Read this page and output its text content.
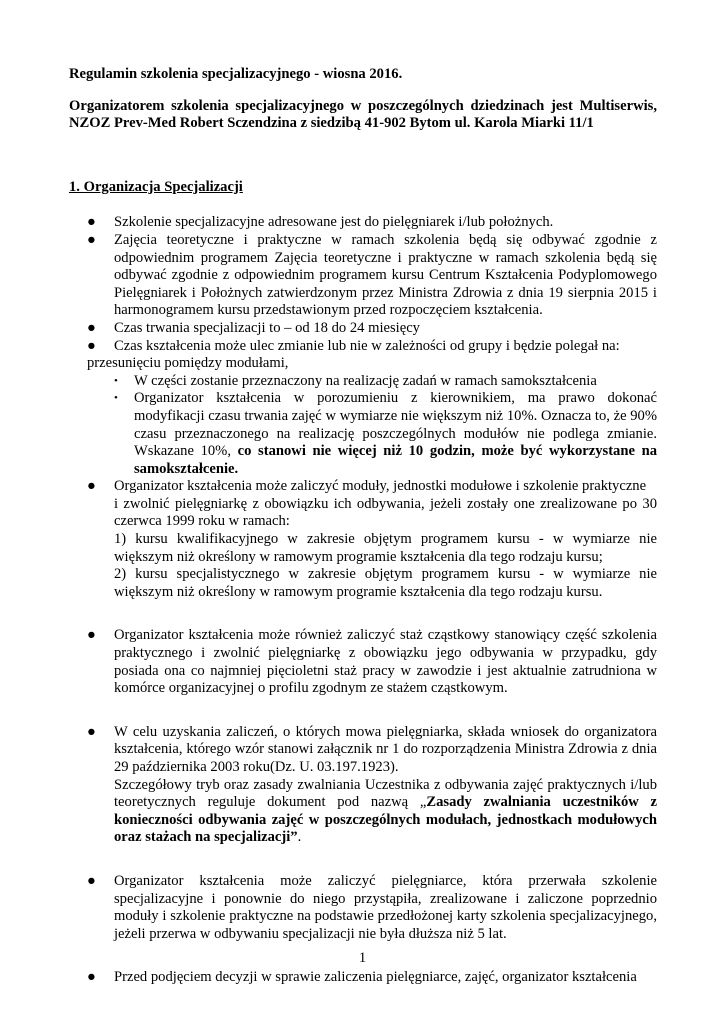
Regulamin szkolenia specjalizacyjnego - wiosna 2016.

Organizatorem szkolenia specjalizacyjnego w poszczególnych dziedzinach jest Multiserwis, NZOZ Prev-Med Robert Sczendzina z siedzibą 41-902 Bytom ul. Karola Miarki 11/1

1. Organizacja Specjalizacji

● Szkolenie specjalizacyjne adresowane jest do pielęgniarek i/lub położnych.
● Zajęcia teoretyczne i praktyczne w ramach szkolenia będą się odbywać zgodnie z odpowiednim programem Zajęcia teoretyczne i praktyczne w ramach szkolenia będą się odbywać zgodnie z odpowiednim programem kursu Centrum Kształcenia Podyplomowego Pielęgniarek i Położnych zatwierdzonym przez Ministra Zdrowia z dnia 19 sierpnia 2015 i harmonogramem kursu przedstawionym przed rozpoczęciem kształcenia.
● Czas trwania specjalizacji to – od 18 do 24 miesięcy
● Czas kształcenia może ulec zmianie lub nie w zależności od grupy i będzie polegał na:
przesunięciu pomiędzy modułami,
• W części zostanie przeznaczony na realizację zadań w ramach samokształcenia
• Organizator kształcenia w porozumieniu z kierownikiem, ma prawo dokonać modyfikacji czasu trwania zajęć w wymiarze nie większym niż 10%. Oznacza to, że 90% czasu przeznaczonego na realizację poszczególnych modułów nie podlega zmianie. Wskazane 10%, co stanowi nie więcej niż 10 godzin, może być wykorzystane na samokształcenie.
● Organizator kształcenia może zaliczyć moduły, jednostki modułowe i szkolenie praktyczne
i zwolnić pielęgniarkę z obowiązku ich odbywania, jeżeli zostały one zrealizowane po 30 czerwca 1999 roku w ramach:
1) kursu kwalifikacyjnego w zakresie objętym programem kursu - w wymiarze nie większym niż określony w ramowym programie kształcenia dla tego rodzaju kursu;
2) kursu specjalistycznego w zakresie objętym programem kursu - w wymiarze nie większym niż określony w ramowym programie kształcenia dla tego rodzaju kursu.
● Organizator kształcenia może również zaliczyć staż cząstkowy stanowiący część szkolenia praktycznego i zwolnić pielęgniarkę z obowiązku jego odbywania w przypadku, gdy posiada ona co najmniej pięcioletni staż pracy w zawodzie i jest aktualnie zatrudniona w komórce organizacyjnej o profilu zgodnym ze stażem cząstkowym.
● W celu uzyskania zaliczeń, o których mowa pielęgniarka, składa wniosek do organizatora kształcenia, którego wzór stanowi załącznik nr 1 do rozporządzenia Ministra Zdrowia z dnia 29 października 2003 roku(Dz. U. 03.197.1923).
Szczegółowy tryb oraz zasady zwalniania Uczestnika z odbywania zajęć praktycznych i/lub teoretycznych reguluje dokument pod nazwą „Zasady zwalniania uczestników z konieczności odbywania zajęć w poszczególnych modułach, jednostkach modułowych oraz stażach na specjalizacji”.
● Organizator kształcenia może zaliczyć pielęgniarce, która przerwała szkolenie specjalizacyjne i ponownie do niego przystąpiła, zrealizowane i zaliczone poprzednio moduły i szkolenie praktyczne na podstawie przedłożonej karty szkolenia specjalizacyjnego, jeżeli przerwa w odbywaniu specjalizacji nie była dłuższa niż 5 lat.
● Przed podjęciem decyzji w sprawie zaliczenia pielęgniarce, zajęć, organizator kształcenia
1
